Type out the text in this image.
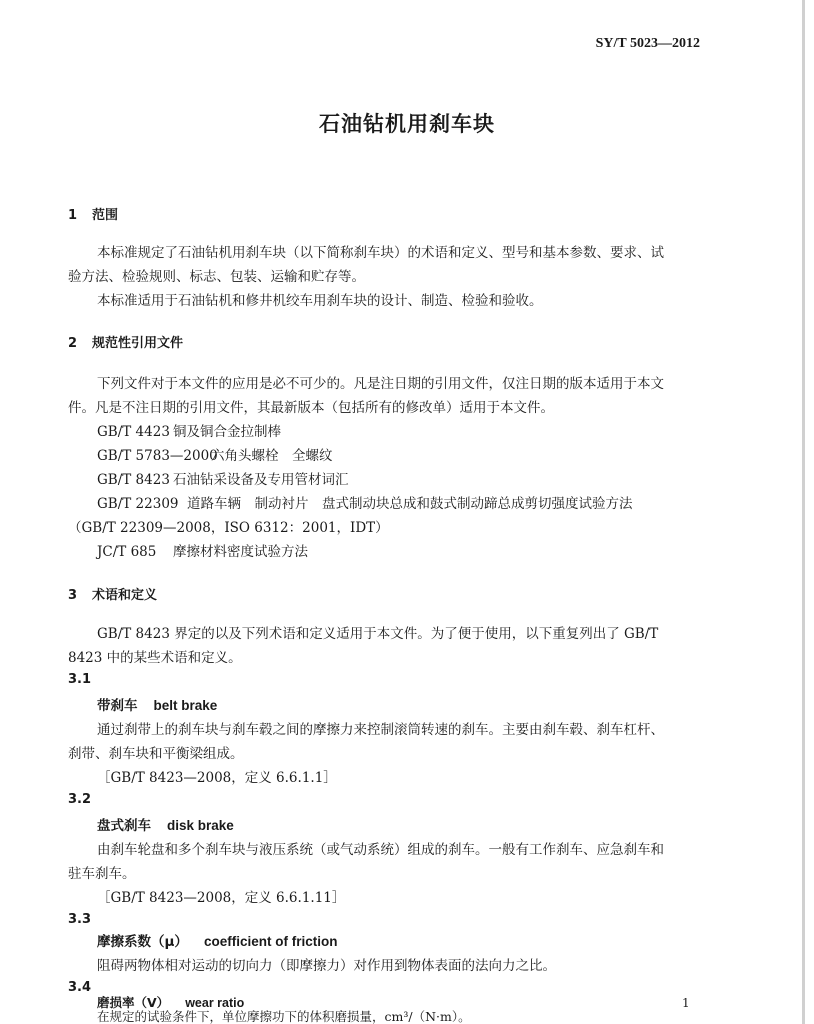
SY/T 5023—2012
石油钻机用刹车块
1 范围
本标准规定了石油钻机用刹车块（以下简称刹车块）的术语和定义、型号和基本参数、要求、试
验方法、检验规则、标志、包装、运输和贮存等。
本标准适用于石油钻机和修井机绞车用刹车块的设计、制造、检验和验收。
2 规范性引用文件
下列文件对于本文件的应用是必不可少的。凡是注日期的引用文件，仅注日期的版本适用于本文
件。凡是不注日期的引用文件，其最新版本（包括所有的修改单）适用于本文件。
GB/T 4423 铜及铜合金拉制棒
GB/T 5783—2000六角头螺栓　全螺纹
GB/T 8423 石油钻采设备及专用管材词汇
GB/T 22309 道路车辆　制动衬片　盘式制动块总成和鼓式制动蹄总成剪切强度试验方法
（GB/T 22309—2008，ISO 6312：2001，IDT）
JC/T 685 摩擦材料密度试验方法
3 术语和定义
GB/T 8423 界定的以及下列术语和定义适用于本文件。为了便于使用，以下重复列出了 GB/T
8423 中的某些术语和定义。
3.1
带刹车 belt brake
通过刹带上的刹车块与刹车毂之间的摩擦力来控制滚筒转速的刹车。主要由刹车毂、刹车杠杆、
刹带、刹车块和平衡梁组成。
［GB/T 8423—2008，定义 6.6.1.1］
3.2
盘式刹车 disk brake
由刹车轮盘和多个刹车块与液压系统（或气动系统）组成的刹车。一般有工作刹车、应急刹车和
驻车刹车。
［GB/T 8423—2008，定义 6.6.1.11］
3.3
摩擦系数（μ） coefficient of friction
阻碍两物体相对运动的切向力（即摩擦力）对作用到物体表面的法向力之比。
3.4
磨损率（V） wear ratio
在规定的试验条件下，单位摩擦功下的体积磨损量，cm³/（N·m）。
1
